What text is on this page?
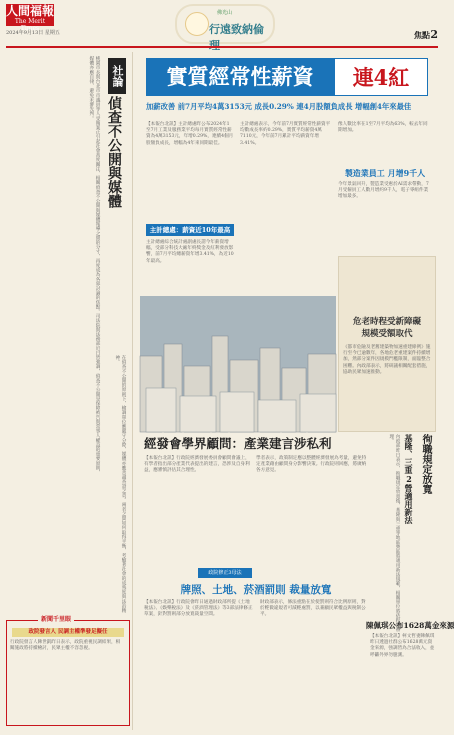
人間福報
The Merit Times
2024年9月13日 星期五
佛光山
行遠致納倫	焦點 2
桃園市長與台北市市議員等人受賄案正引起社會高度關注，相關偵查不公開與媒體報導之間的分寸，再度成為各界討論的焦點。司法院與法務部近日皆強調，偵查不公開是保障被告與當事人權益的重要原則，媒體亦應自律，避免未審先判。	社論
偵查不公開與媒體
在偵查不公開的原則下，檢調單位應嚴守分際，媒體亦應善盡查證之責。兩者之間如何取得平衡，考驗著社會的成熟度與法治精神。
新聞千里眼
政院發言人 民調主權準發足擬任
行政院發言人陳世凱昨日表示，政院重視民調結果，相關施政將持續檢討，民眾主權不容忽視。
實質經常性薪資	連4紅
加薪改善 前7月平均4萬3153元 成長0.29% 連4月股額負成長 增幅創4年來最佳
【本報台北訊】主計總處昨公布2024年1至7月工業及服務業平均每月實質經常性薪資為4萬3153元，年增0.29%，連續4個月股額負成長，增幅為4年來同期最佳。
主計總處表示，今年前7月實質經常性薪資平均數成長率約0.29%，實質平均薪資4萬7110元，今年前7月累計平均薪資年增3.41%。
像人數比率在1至7月平均為63%，較去年同期增加。
主計總處：薪資近10年最高
主計總處綜合統計處副處長謂今年薪資增幅，受部分科技大廠年終獎金及紅利發放影響，前7月平均總薪資年增3.41%，為近10年最高。
製造業員工 月增9千人
今年景氣回升，製造業受惠於AI需求帶動，7月受僱員工人數月增約9千人，電子零組件業增加最多。
危老時程受新障礙
規模受額取代
《都市危險及老舊建築物加速重建條例》施行至今已逾數年，各地危老重建案件持續增加，然部分案件因規模門檻限制，面臨整合困難。內政部表示，將研議相關配套措施，協助民眾加速推動。
經發會學界顧問：產業建言涉私利
【本報台北訊】行政院經濟發展委員會顧問會議上，有學者指出部分產業代表提出的建言，恐涉及自身利益，應審慎評估其合理性。
學者表示，政策制定應以整體經濟發展為考量，避免特定產業藉由顧問身分影響決策。行政院則回應，將廣納各方意見。
政院修正3母法
牌照、土地、菸酒罰則 裁量放寬
【本報台北訊】行政院會昨日通過財政部所提《土地稅法》、《娛樂稅法》及《菸酒管理法》等3部法律修正草案，針對罰則部分放寬裁量空間。
財政部表示，修法重點在於使罰則符合比例原則，對於輕微違規者可減輕處罰，以兼顧民眾權益與稅制公平。
徇職規定放寬
基隆、三重2營適用新法
內政部昨日表示，徇職規定放寬後，基隆與三重等地區營區將適用新法規範，相關單位將依程序辦理。
陳佩琪公布1628萬金來源
【本報台北訊】柯文哲妻陳佩琪昨日透過社群公布1628萬元資金來源，強調皆為合法收入，並呼籲外界勿臆測。
